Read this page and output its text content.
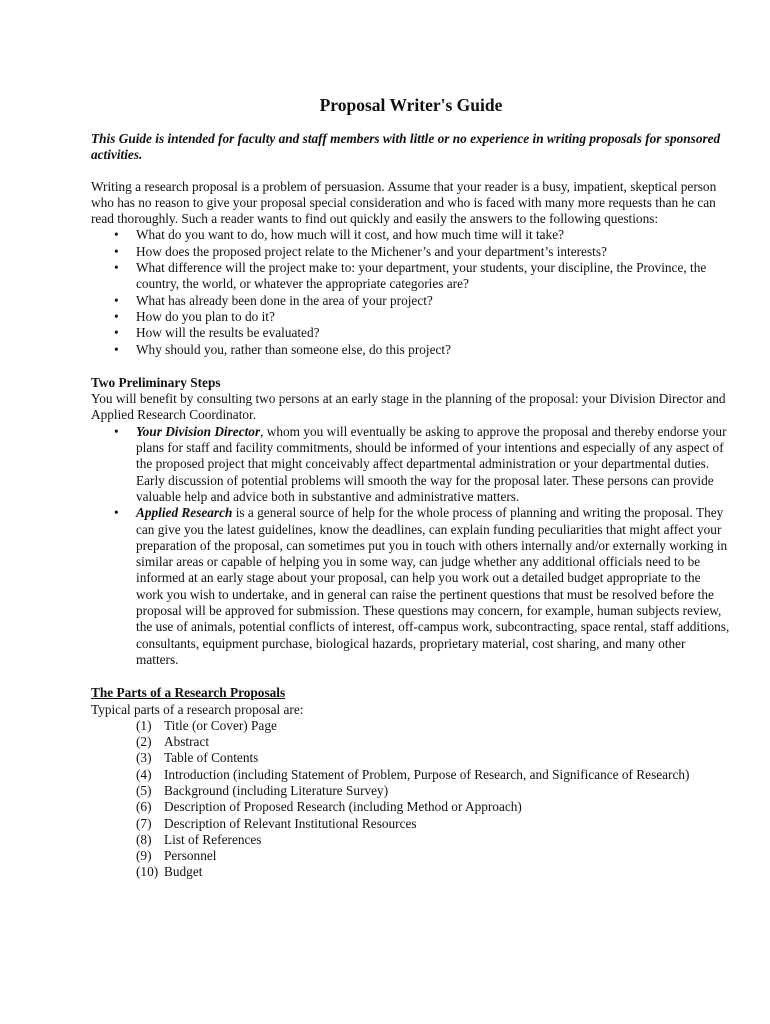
Proposal Writer's Guide

This Guide is intended for faculty and staff members with little or no experience in writing proposals for sponsored activities.

Writing a research proposal is a problem of persuasion. Assume that your reader is a busy, impatient, skeptical person who has no reason to give your proposal special consideration and who is faced with many more requests than he can read thoroughly. Such a reader wants to find out quickly and easily the answers to the following questions:

• What do you want to do, how much will it cost, and how much time will it take?
• How does the proposed project relate to the Michener’s and your department’s interests?
• What difference will the project make to: your department, your students, your discipline, the Province, the country, the world, or whatever the appropriate categories are?
• What has already been done in the area of your project?
• How do you plan to do it?
• How will the results be evaluated?
• Why should you, rather than someone else, do this project?

Two Preliminary Steps

You will benefit by consulting two persons at an early stage in the planning of the proposal: your Division Director and Applied Research Coordinator.

• Your Division Director, whom you will eventually be asking to approve the proposal and thereby endorse your plans for staff and facility commitments, should be informed of your intentions and especially of any aspect of the proposed project that might conceivably affect departmental administration or your departmental duties. Early discussion of potential problems will smooth the way for the proposal later. These persons can provide valuable help and advice both in substantive and administrative matters.
• Applied Research is a general source of help for the whole process of planning and writing the proposal. They can give you the latest guidelines, know the deadlines, can explain funding peculiarities that might affect your preparation of the proposal, can sometimes put you in touch with others internally and/or externally working in similar areas or capable of helping you in some way, can judge whether any additional officials need to be informed at an early stage about your proposal, can help you work out a detailed budget appropriate to the work you wish to undertake, and in general can raise the pertinent questions that must be resolved before the proposal will be approved for submission. These questions may concern, for example, human subjects review, the use of animals, potential conflicts of interest, off-campus work, subcontracting, space rental, staff additions, consultants, equipment purchase, biological hazards, proprietary material, cost sharing, and many other matters.

The Parts of a Research Proposals

Typical parts of a research proposal are:

(1) Title (or Cover) Page
(2) Abstract
(3) Table of Contents
(4) Introduction (including Statement of Problem, Purpose of Research, and Significance of Research)
(5) Background (including Literature Survey)
(6) Description of Proposed Research (including Method or Approach)
(7) Description of Relevant Institutional Resources
(8) List of References
(9) Personnel
(10) Budget
